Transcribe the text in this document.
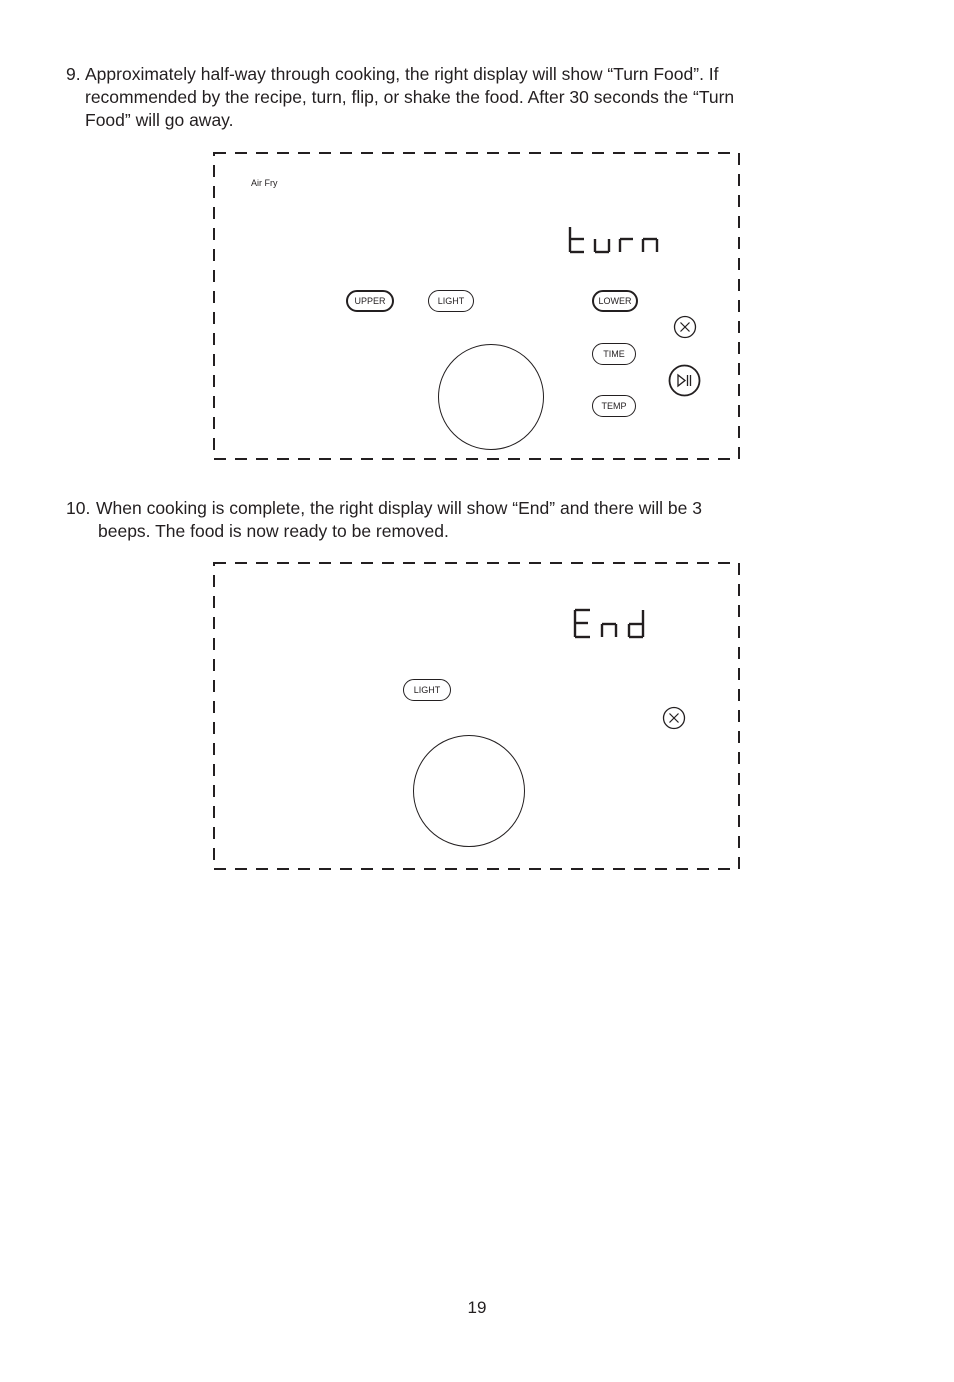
9. Approximately half-way through cooking, the right display will show “Turn Food”. If
recommended by the recipe, turn, flip, or shake the food. After 30 seconds the “Turn
Food” will go away.
Air Fry
UPPER	LIGHT	LOWER
TIME
TEMP
10. When cooking is complete, the right display will show “End” and there will be 3
beeps. The food is now ready to be removed.
LIGHT
19
